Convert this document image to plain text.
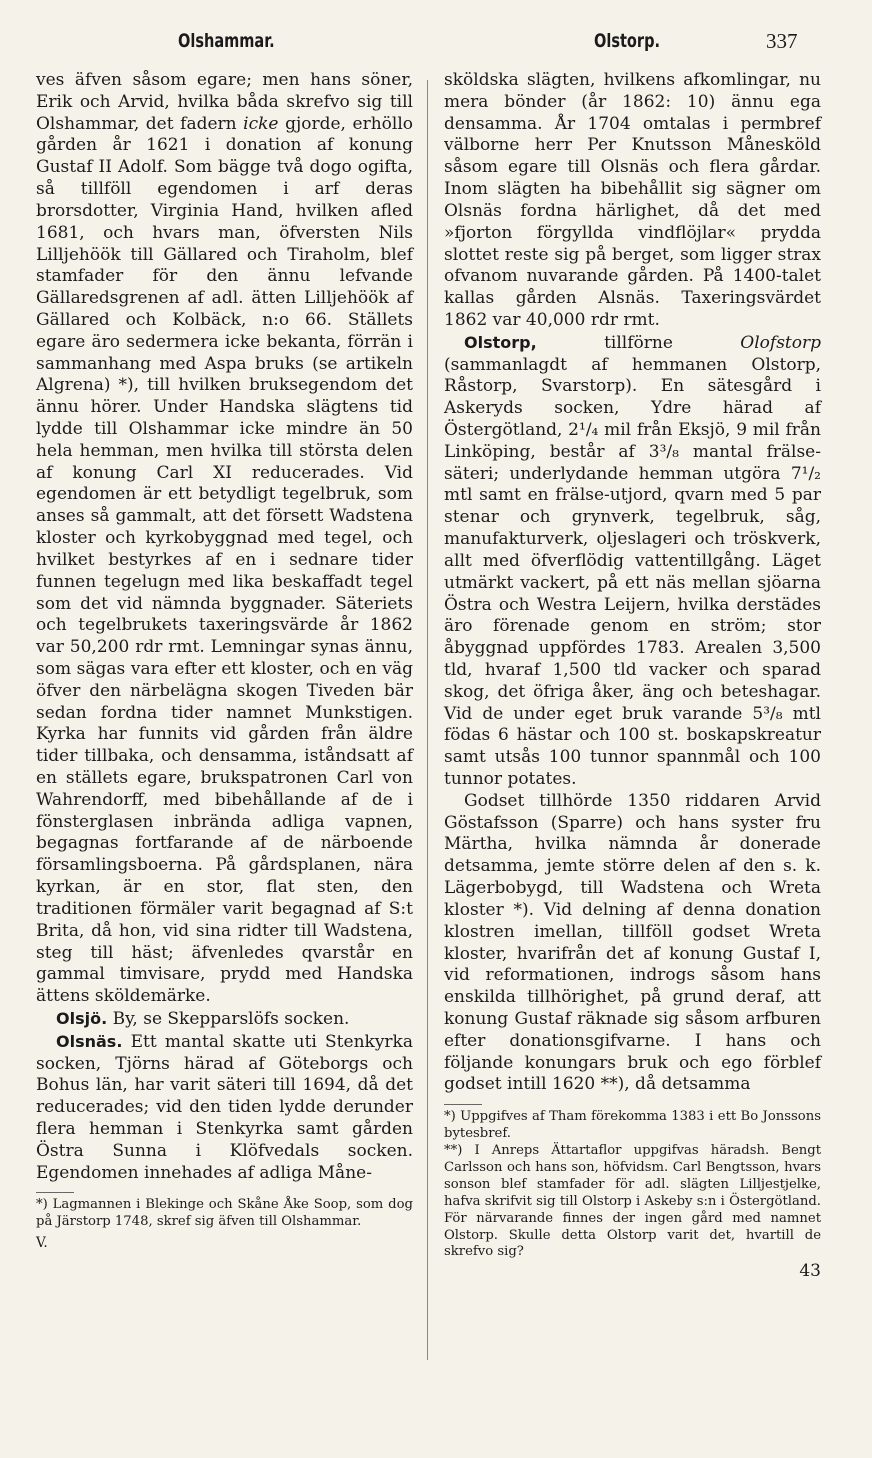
Olshammar.	Olstorp.	337

ves äfven såsom egare; men hans söner, Erik och Arvid, hvilka båda skrefvo sig till Olshammar, det fadern icke gjorde, erhöllo gården år 1621 i donation af konung Gustaf II Adolf. Som bägge två dogo ogifta, så tillföll egendomen i arf deras brorsdotter, Virginia Hand, hvilken afled 1681, och hvars man, öfversten Nils Lilljehöök till Gällared och Tiraholm, blef stamfader för den ännu lefvande Gällaredsgrenen af adl. ätten Lilljehöök af Gällared och Kolbäck, n:o 66. Ställets egare äro sedermera icke bekanta, förrän i sammanhang med Aspa bruks (se artikeln Algrena) *), till hvilken bruksegendom det ännu hörer. Under Handska slägtens tid lydde till Olshammar icke mindre än 50 hela hemman, men hvilka till största delen af konung Carl XI reducerades. Vid egendomen är ett betydligt tegelbruk, som anses så gammalt, att det försett Wadstena kloster och kyrkobyggnad med tegel, och hvilket bestyrkes af en i sednare tider funnen tegelugn med lika beskaffadt tegel som det vid nämnda byggnader. Säteriets och tegelbrukets taxeringsvärde år 1862 var 50,200 rdr rmt. Lemningar synas ännu, som sägas vara efter ett kloster, och en väg öfver den närbelägna skogen Tiveden bär sedan fordna tider namnet Munkstigen. Kyrka har funnits vid gården från äldre tider tillbaka, och densamma, iståndsatt af en ställets egare, brukspatronen Carl von Wahrendorff, med bibehållande af de i fönsterglasen inbrända adliga vapnen, begagnas fortfarande af de närboende församlingsboerna. På gårdsplanen, nära kyrkan, är en stor, flat sten, den traditionen förmäler varit begagnad af S:t Brita, då hon, vid sina ridter till Wadstena, steg till häst; äfvenledes qvarstår en gammal timvisare, prydd med Handska ättens sköldemärke.

Olsjö. By, se Skepparslöfs socken.

Olsnäs. Ett mantal skatte uti Stenkyrka socken, Tjörns härad af Göteborgs och Bohus län, har varit säteri till 1694, då det reducerades; vid den tiden lydde derunder flera hemman i Stenkyrka samt gården Östra Sunna i Klöfvedals socken. Egendomen innehades af adliga Måne-

*) Lagmannen i Blekinge och Skåne Åke Soop, som dog på Järstorp 1748, skref sig äfven till Olshammar.

V.

sköldska slägten, hvilkens afkomlingar, nu mera bönder (år 1862: 10) ännu ega densamma. År 1704 omtalas i permbref välborne herr Per Knutsson Månesköld såsom egare till Olsnäs och flera gårdar. Inom slägten ha bibehållit sig sägner om Olsnäs fordna härlighet, då det med »fjorton förgyllda vindflöjlar« prydda slottet reste sig på berget, som ligger strax ofvanom nuvarande gården. På 1400-talet kallas gården Alsnäs. Taxeringsvärdet 1862 var 40,000 rdr rmt.

Olstorp, tillförne Olofstorp (sammanlagdt af hemmanen Olstorp, Råstorp, Svarstorp). En sätesgård i Askeryds socken, Ydre härad af Östergötland, 2¹/₄ mil från Eksjö, 9 mil från Linköping, består af 3³/₈ mantal frälse-säteri; underlydande hemman utgöra 7¹/₂ mtl samt en frälse-utjord, qvarn med 5 par stenar och grynverk, tegelbruk, såg, manufakturverk, oljeslageri och tröskverk, allt med öfverflödig vattentillgång. Läget utmärkt vackert, på ett näs mellan sjöarna Östra och Westra Leijern, hvilka derstädes äro förenade genom en ström; stor åbyggnad uppfördes 1783. Arealen 3,500 tld, hvaraf 1,500 tld vacker och sparad skog, det öfriga åker, äng och beteshagar. Vid de under eget bruk varande 5³/₈ mtl födas 6 hästar och 100 st. boskapskreatur samt utsås 100 tunnor spannmål och 100 tunnor potates.

Godset tillhörde 1350 riddaren Arvid Göstafsson (Sparre) och hans syster fru Märtha, hvilka nämnda år donerade detsamma, jemte större delen af den s. k. Lägerbobygd, till Wadstena och Wreta kloster *). Vid delning af denna donation klostren imellan, tillföll godset Wreta kloster, hvarifrån det af konung Gustaf I, vid reformationen, indrogs såsom hans enskilda tillhörighet, på grund deraf, att konung Gustaf räknade sig såsom arfburen efter donationsgifvarne. I hans och följande konungars bruk och ego förblef godset intill 1620 **), då detsamma

*) Uppgifves af Tham förekomma 1383 i ett Bo Jonssons bytesbref.

**) I Anreps Ättartaflor uppgifvas häradsh. Bengt Carlsson och hans son, höfvidsm. Carl Bengtsson, hvars sonson blef stamfader för adl. slägten Lilljestjelke, hafva skrifvit sig till Olstorp i Askeby s:n i Östergötland. För närvarande finnes der ingen gård med namnet Olstorp. Skulle detta Olstorp varit det, hvartill de skrefvo sig?

43
